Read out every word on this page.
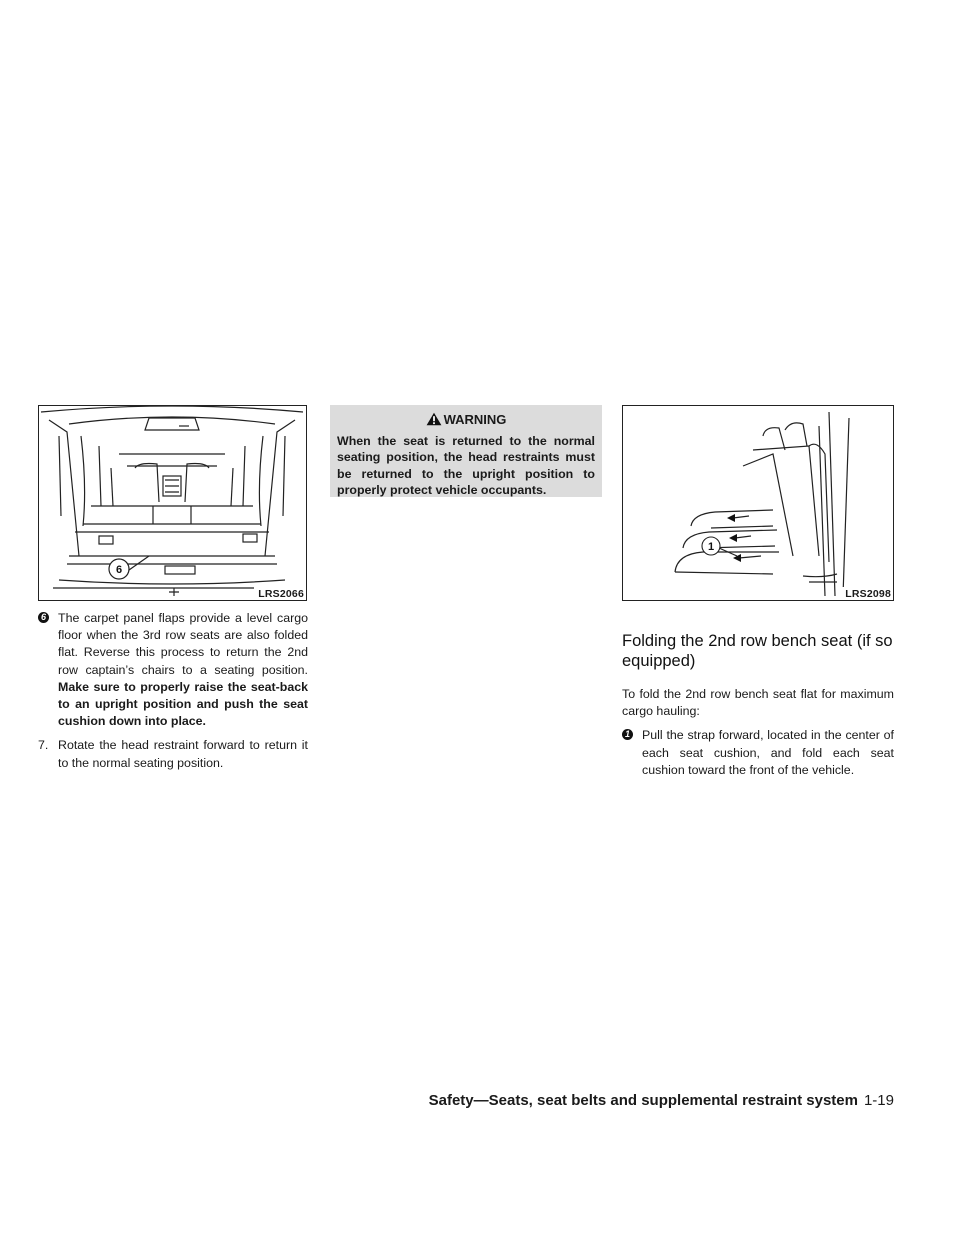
6
LRS2066

6 The carpet panel flaps provide a level cargo floor when the 3rd row seats are also folded flat. Reverse this process to return the 2nd row captain’s chairs to a seating position. Make sure to properly raise the seat-back to an upright position and push the seat cushion down into place.

7. Rotate the head restraint forward to return it to the normal seating position.

WARNING

When the seat is returned to the normal seating position, the head restraints must be returned to the upright position to properly protect vehicle occupants.

1
LRS2098
Folding the 2nd row bench seat (if so equipped)

To fold the 2nd row bench seat flat for maximum cargo hauling:

1 Pull the strap forward, located in the center of each seat cushion, and fold each seat cushion toward the front of the vehicle.

Safety—Seats, seat belts and supplemental restraint system 1-19
